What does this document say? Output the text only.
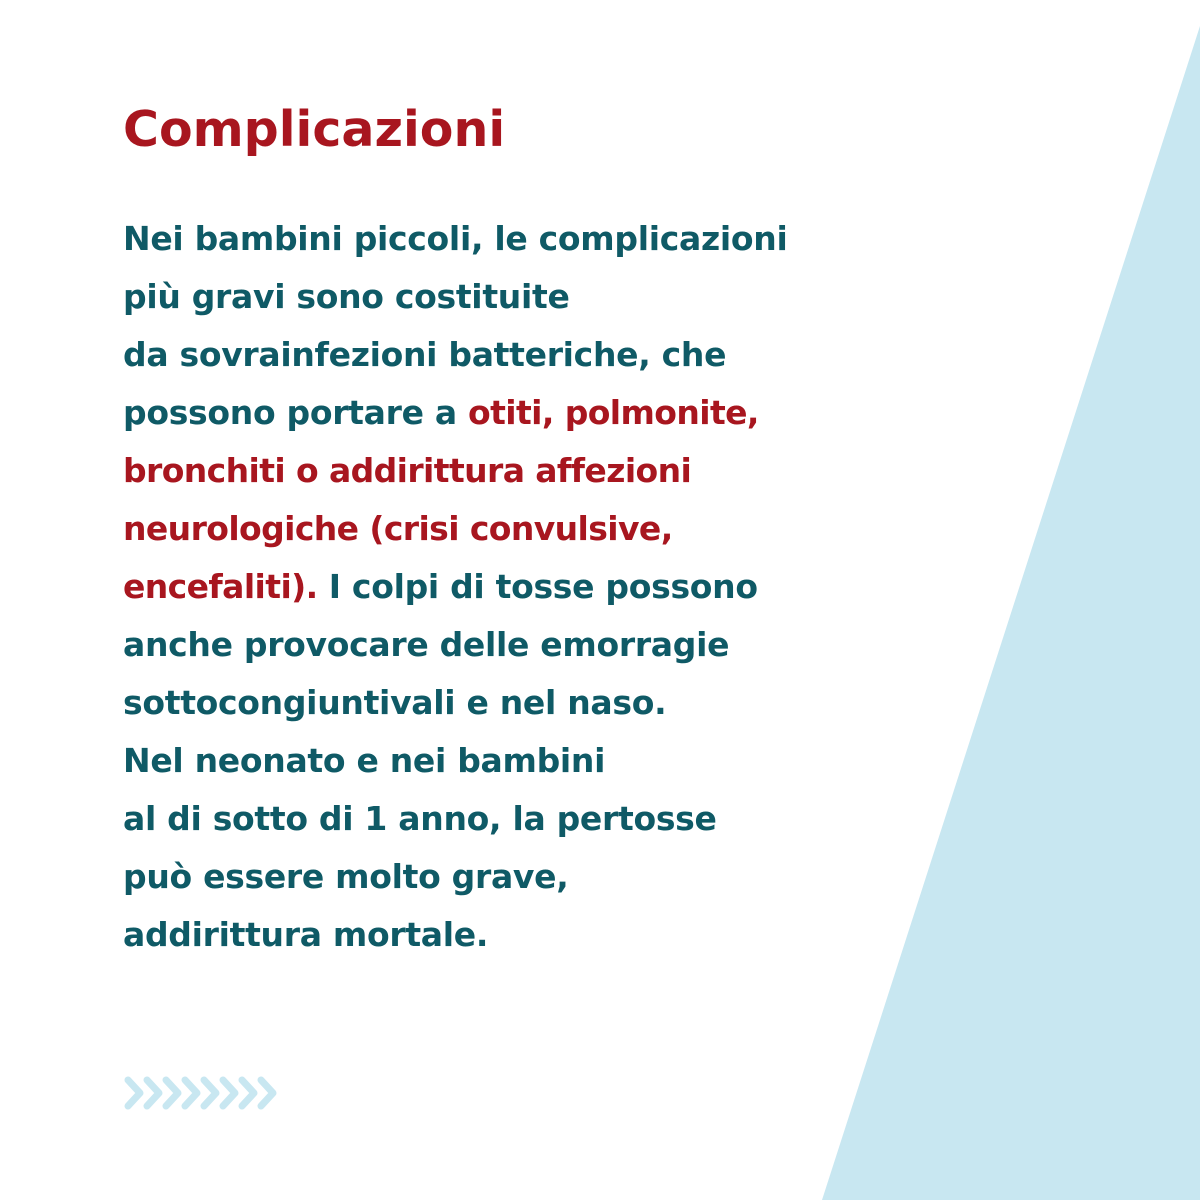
Complicazioni

Nei bambini piccoli, le complicazioni
più gravi sono costituite
da sovrainfezioni batteriche, che
possono portare a otiti, polmonite,
bronchiti o addirittura affezioni
neurologiche (crisi convulsive,
encefaliti). I colpi di tosse possono
anche provocare delle emorragie
sottocongiuntivali e nel naso.
Nel neonato e nei bambini
al di sotto di 1 anno, la pertosse
può essere molto grave,
addirittura mortale.
